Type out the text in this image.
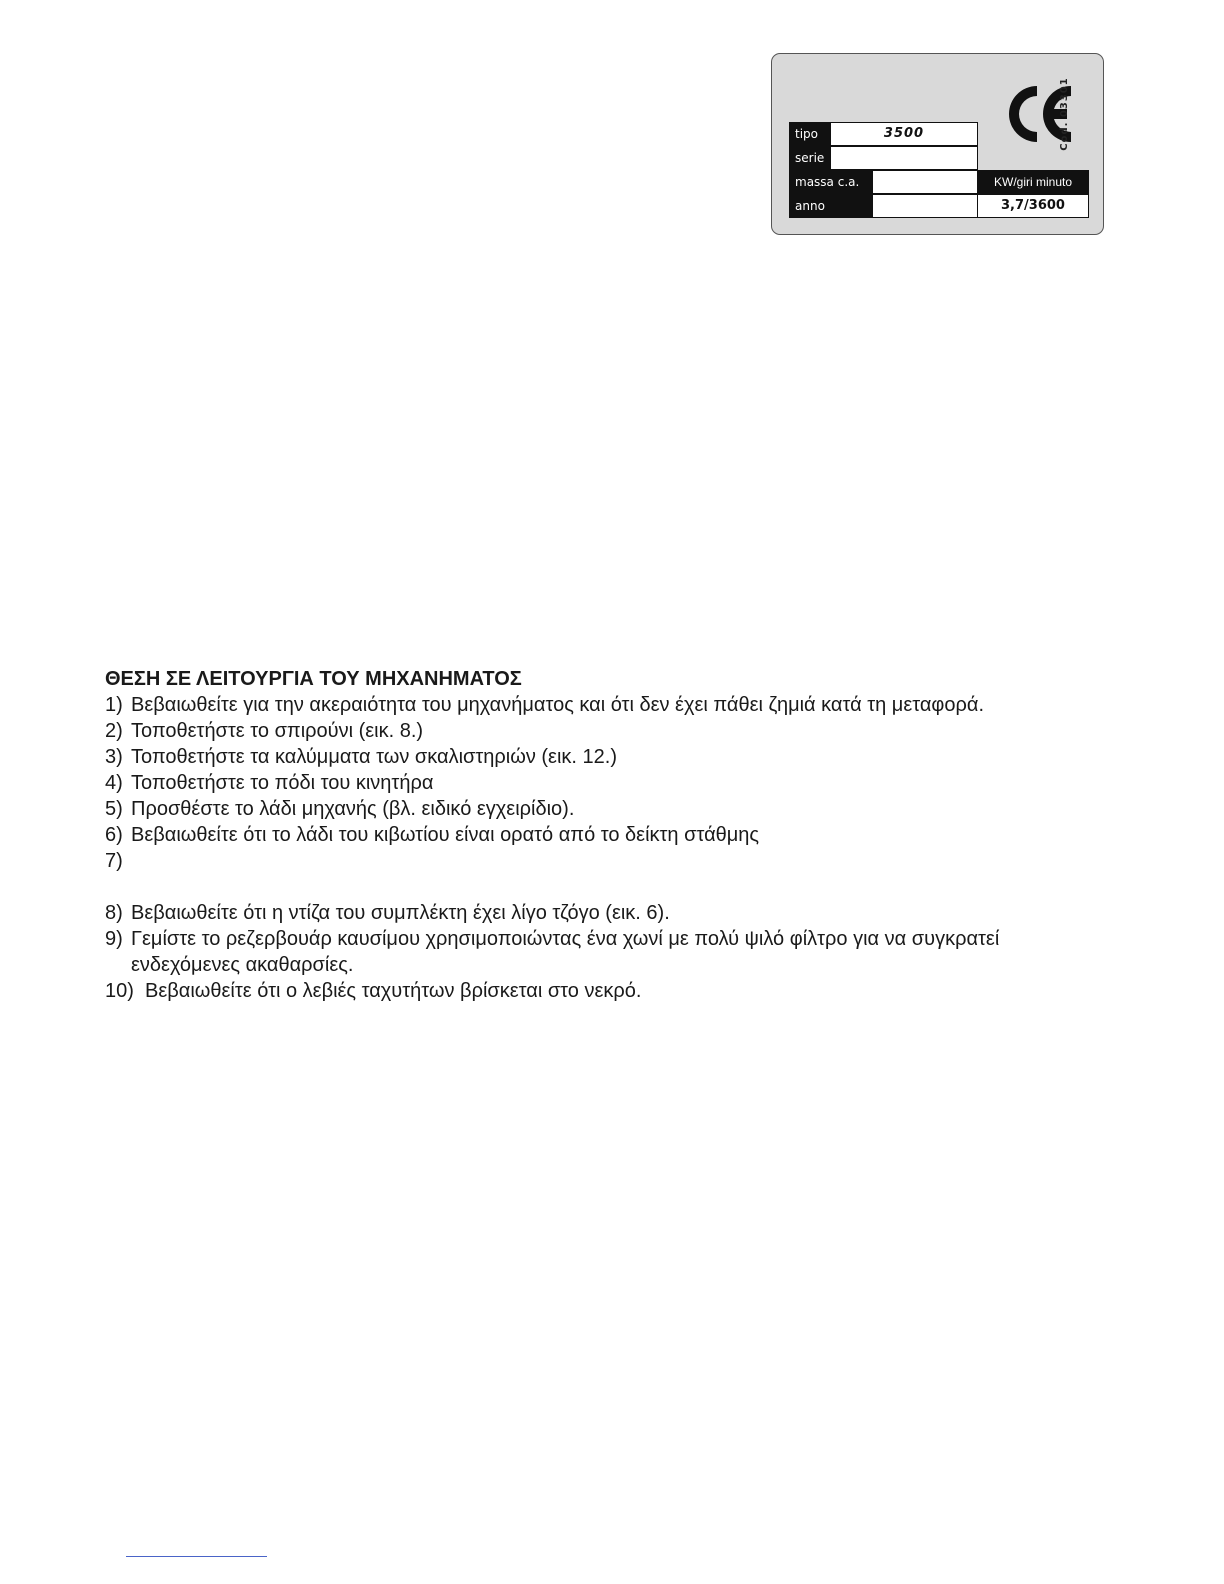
Cod. 03301
tipo	3500
serie
massa c.a.
anno
KW/giri minuto
3,7/3600
ΘΕΣΗ ΣΕ ΛΕΙΤΟΥΡΓΙΑ ΤΟΥ ΜΗΧΑΝΗΜΑΤΟΣ
1) Βεβαιωθείτε για την ακεραιότητα του μηχανήματος και ότι δεν έχει πάθει ζημιά κατά τη μεταφορά.
2) Τοποθετήστε το σπιρούνι (εικ. 8.)
3) Τοποθετήστε τα καλύμματα των σκαλιστηριών (εικ. 12.)
4) Τοποθετήστε το πόδι του κινητήρα
5) Προσθέστε το λάδι μηχανής (βλ. ειδικό εγχειρίδιο).
6) Βεβαιωθείτε ότι το λάδι του κιβωτίου είναι ορατό από το δείκτη στάθμης
7)
8) Βεβαιωθείτε ότι η ντίζα του συμπλέκτη έχει λίγο τζόγο (εικ. 6).
9) Γεμίστε το ρεζερβουάρ καυσίμου χρησιμοποιώντας ένα χωνί με πολύ ψιλό φίλτρο για να συγκρατεί ενδεχόμενες ακαθαρσίες.
10) Βεβαιωθείτε ότι ο λεβιές ταχυτήτων βρίσκεται στο νεκρό.
